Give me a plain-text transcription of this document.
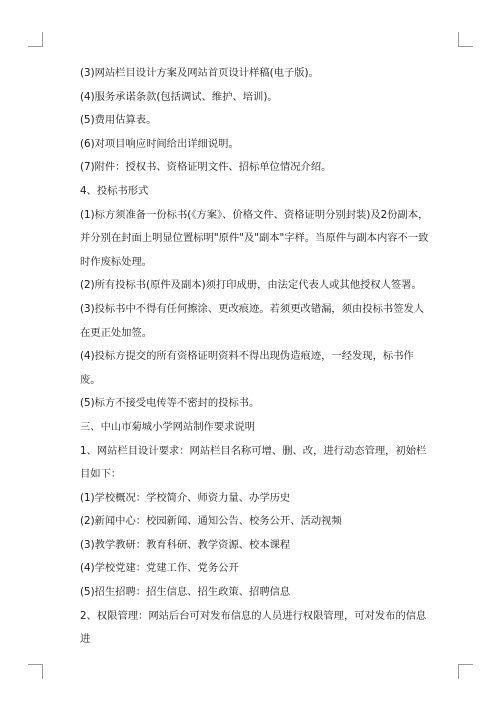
(3)网站栏目设计方案及网站首页设计样稿(电子版)。

(4)服务承诺条款(包括调试、维护、培训)。

(5)费用估算表。

(6)对项目响应时间给出详细说明。

(7)附件：授权书、资格证明文件、招标单位情况介绍。

4、投标书形式

(1)标方须准备一份标书(《方案》、价格文件、资格证明分别封装)及2份副本，并分别在封面上明显位置标明"原件"及"副本"字样。当原件与副本内容不一致时作废标处理。

(2)所有投标书(原件及副本)须打印成册，由法定代表人或其他授权人签署。

(3)投标书中不得有任何擦涂、更改痕迹。若须更改错漏，须由投标书签发人在更正处加签。

(4)投标方提交的所有资格证明资料不得出现伪造痕迹，一经发现，标书作废。

(5)标方不接受电传等不密封的投标书。

三、中山市菊城小学网站制作要求说明

1、网站栏目设计要求：网站栏目名称可增、删、改，进行动态管理，初始栏目如下：

(1)学校概况：学校简介、师资力量、办学历史

(2)新闻中心：校园新闻、通知公告、校务公开、活动视频

(3)教学教研：教育科研、教学资源、校本课程

(4)学校党建：党建工作、党务公开

(5)招生招聘：招生信息、招生政策、招聘信息

2、权限管理：网站后台可对发布信息的人员进行权限管理，可对发布的信息进
